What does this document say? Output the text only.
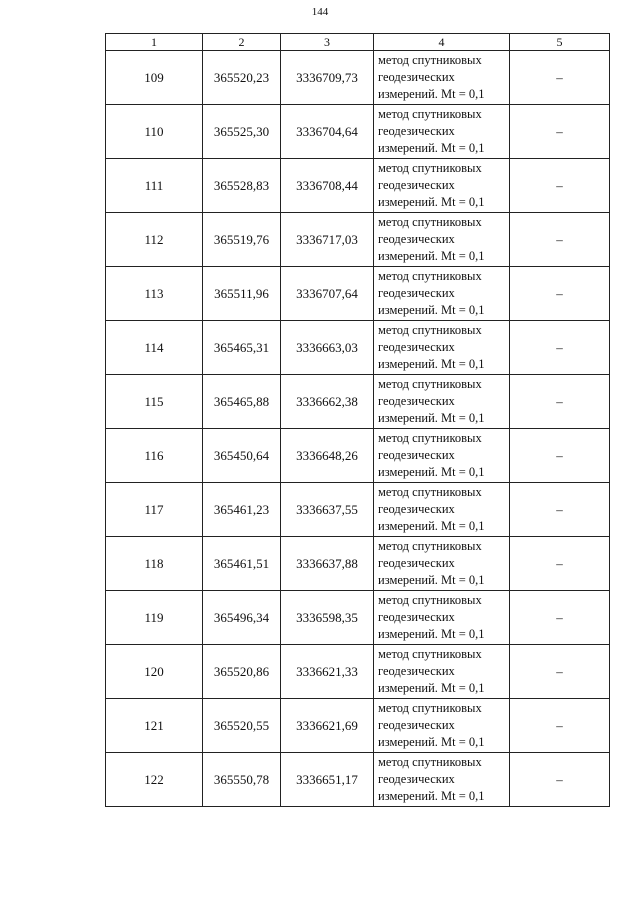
144
1	2	3	4	5
109	365520,23	3336709,73	метод спутниковых
геодезических
измерений. Mt = 0,1	–
110	365525,30	3336704,64	метод спутниковых
геодезических
измерений. Mt = 0,1	–
111	365528,83	3336708,44	метод спутниковых
геодезических
измерений. Mt = 0,1	–
112	365519,76	3336717,03	метод спутниковых
геодезических
измерений. Mt = 0,1	–
113	365511,96	3336707,64	метод спутниковых
геодезических
измерений. Mt = 0,1	–
114	365465,31	3336663,03	метод спутниковых
геодезических
измерений. Mt = 0,1	–
115	365465,88	3336662,38	метод спутниковых
геодезических
измерений. Mt = 0,1	–
116	365450,64	3336648,26	метод спутниковых
геодезических
измерений. Mt = 0,1	–
117	365461,23	3336637,55	метод спутниковых
геодезических
измерений. Mt = 0,1	–
118	365461,51	3336637,88	метод спутниковых
геодезических
измерений. Mt = 0,1	–
119	365496,34	3336598,35	метод спутниковых
геодезических
измерений. Mt = 0,1	–
120	365520,86	3336621,33	метод спутниковых
геодезических
измерений. Mt = 0,1	–
121	365520,55	3336621,69	метод спутниковых
геодезических
измерений. Mt = 0,1	–
122	365550,78	3336651,17	метод спутниковых
геодезических
измерений. Mt = 0,1	–
